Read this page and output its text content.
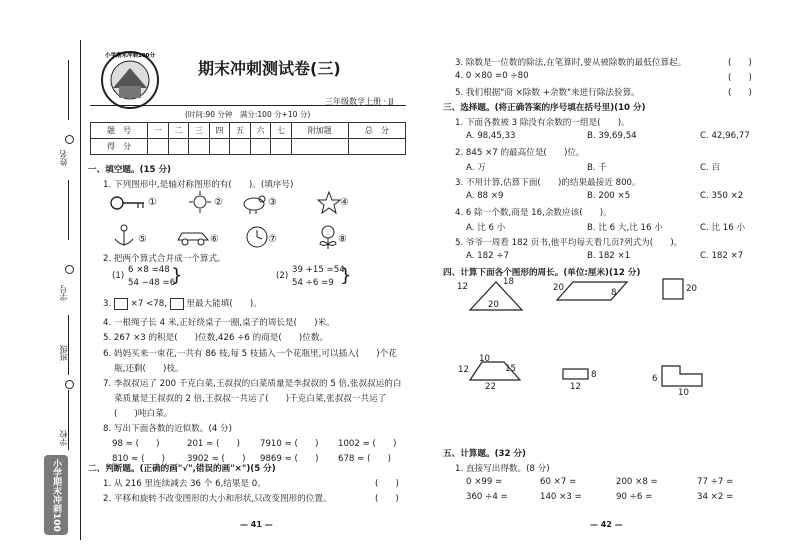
姓名
学号
班级
学校
小学期末冲刺100分
小学期末冲刺100分
期末冲刺测试卷(三)
三年级数学上册 · JJ
(时间:90 分钟　满分:100 分+10 分)
题　号	一	二	三	四	五	六	七	附加题	总　分
得　分									
一、填空题。(15 分)
1. 下列图形中,是轴对称图形的有(　　)。(填序号)
①	②	③	④
⑤	⑥	⑦	⑧
2. 把两个算式合并成一个算式。
(1)
6 ×8 =48
54 −48 =6
}	(2)
39 +15 =54
54 ÷6 =9 }
3. ×7 <78, 里最大能填(　　)。
4. 一根绳子长 4 米,正好绕桌子一圈,桌子的周长是(　　)米。
5. 267 ×3 的积是(　　)位数,426 ÷6 的商是(　　)位数。
6. 妈妈买来一束花,一共有 86 枝,每 5 枝插入一个花瓶里,可以插入(　　)个花
瓶,还剩(　　)枝。
7. 李叔叔运了 200 千克白菜,王叔叔的白菜质量是李叔叔的 5 倍,张叔叔运的白
菜质量是王叔叔的 2 倍,王叔叔一共运了(　　)千克白菜,张叔叔一共运了
(　　)吨白菜。
8. 写出下面各数的近似数。(4 分)
98 ≈ (　　)	201 ≈ (　　) 7910 ≈ (　　) 1002 ≈ (　　)
810 ≈ (　　)	3902 ≈ (　　) 9869 ≈ (　　) 678 ≈ (　　)
二、判断题。(正确的画"√",错误的画"×")(5 分)
1. 从 216 里连续减去 36 个 6,结果是 0。	(　　)
2. 平移和旋转不改变图形的大小和形状,只改变图形的位置。	(　　)
— 41 —
3. 除数是一位数的除法,在笔算时,要从被除数的最低位算起。	(　　)
4. 0 ×80 =0 ÷80	(　　)
5. 我们根据"商 ×除数 +余数"来进行除法验算。	(　　)
三、选择题。(将正确答案的序号填在括号里)(10 分)
1. 下面各数被 3 除没有余数的一组是(　　)。
A. 98,45,33	B. 39,69,54	C. 42,96,77
2. 845 ×7 的最高位是(　　)位。
A. 万	B. 千	C. 百
3. 不用计算,估算下面(　　)的结果最接近 800。
A. 88 ×9	B. 200 ×5	C. 350 ×2
4. 6 除一个数,商是 16,余数应该(　　)。
A. 比 6 小	B. 比 6 大,比 16 小	C. 比 16 小
5. 爷爷一周看 182 页书,他平均每天看几页?列式为(　　)。
A. 182 ÷7	B. 182 ×1	C. 182 ×7
四、计算下面各个图形的周长。(单位:厘米)(12 分)
12	18
20
20	8	20
10
12	15
22	12
8	6
10
五、计算题。(32 分)
1. 直接写出得数。(8 分)
0 ×99 =	60 ×7 =	200 ×8 =	77 ÷7 =
360 ÷4 =	140 ×3 =	90 ÷6 =	34 ×2 =
— 42 —
